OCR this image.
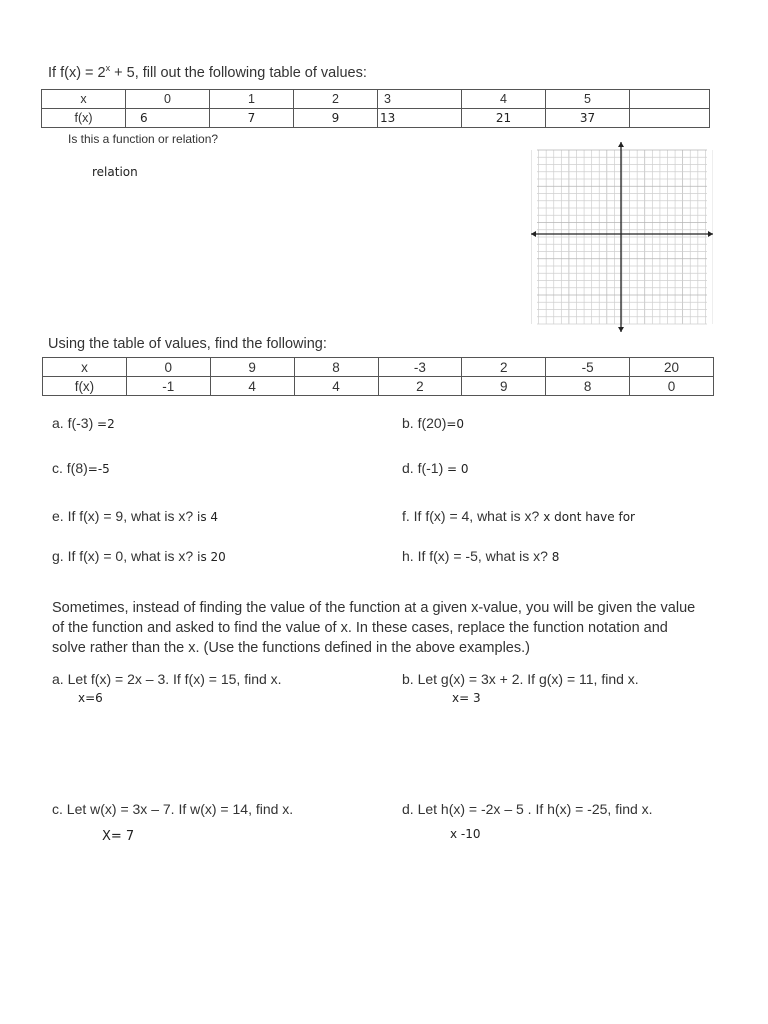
If $f(x) = 2^x + 5$, fill out the following table of values:
x	0	1	2	3	4	5	
f(x)	6	7	9	13	21	37	
Is this a function or relation?
relation
Using the table of values, find the following:
x	0	9	8	-3	2	-5	20
f(x)	-1	4	4	2	9	8	0
a. f(-3) =2	b. f(20)=0
c. f(8)=-5	d. f(-1) = 0
e. If f(x) = 9, what is x? is 4	f. If f(x) = 4, what is x? x dont have for
g. If f(x) = 0, what is x? is 20	h. If f(x) = -5, what is x? 8
Sometimes, instead of finding the value of the function at a given x-value, you will be given the value
of the function and asked to find the value of x. In these cases, replace the function notation and
solve rather than the x. (Use the functions defined in the above examples.)
a. Let f(x) = 2x – 3. If f(x) = 15, find x.
x=6
b. Let g(x) = 3x + 2. If g(x) = 11, find x.
x= 3
c. Let w(x) = 3x – 7. If w(x) = 14, find x.
X= 7
d. Let h(x) = -2x – 5 . If h(x) = -25, find x.
x -10
